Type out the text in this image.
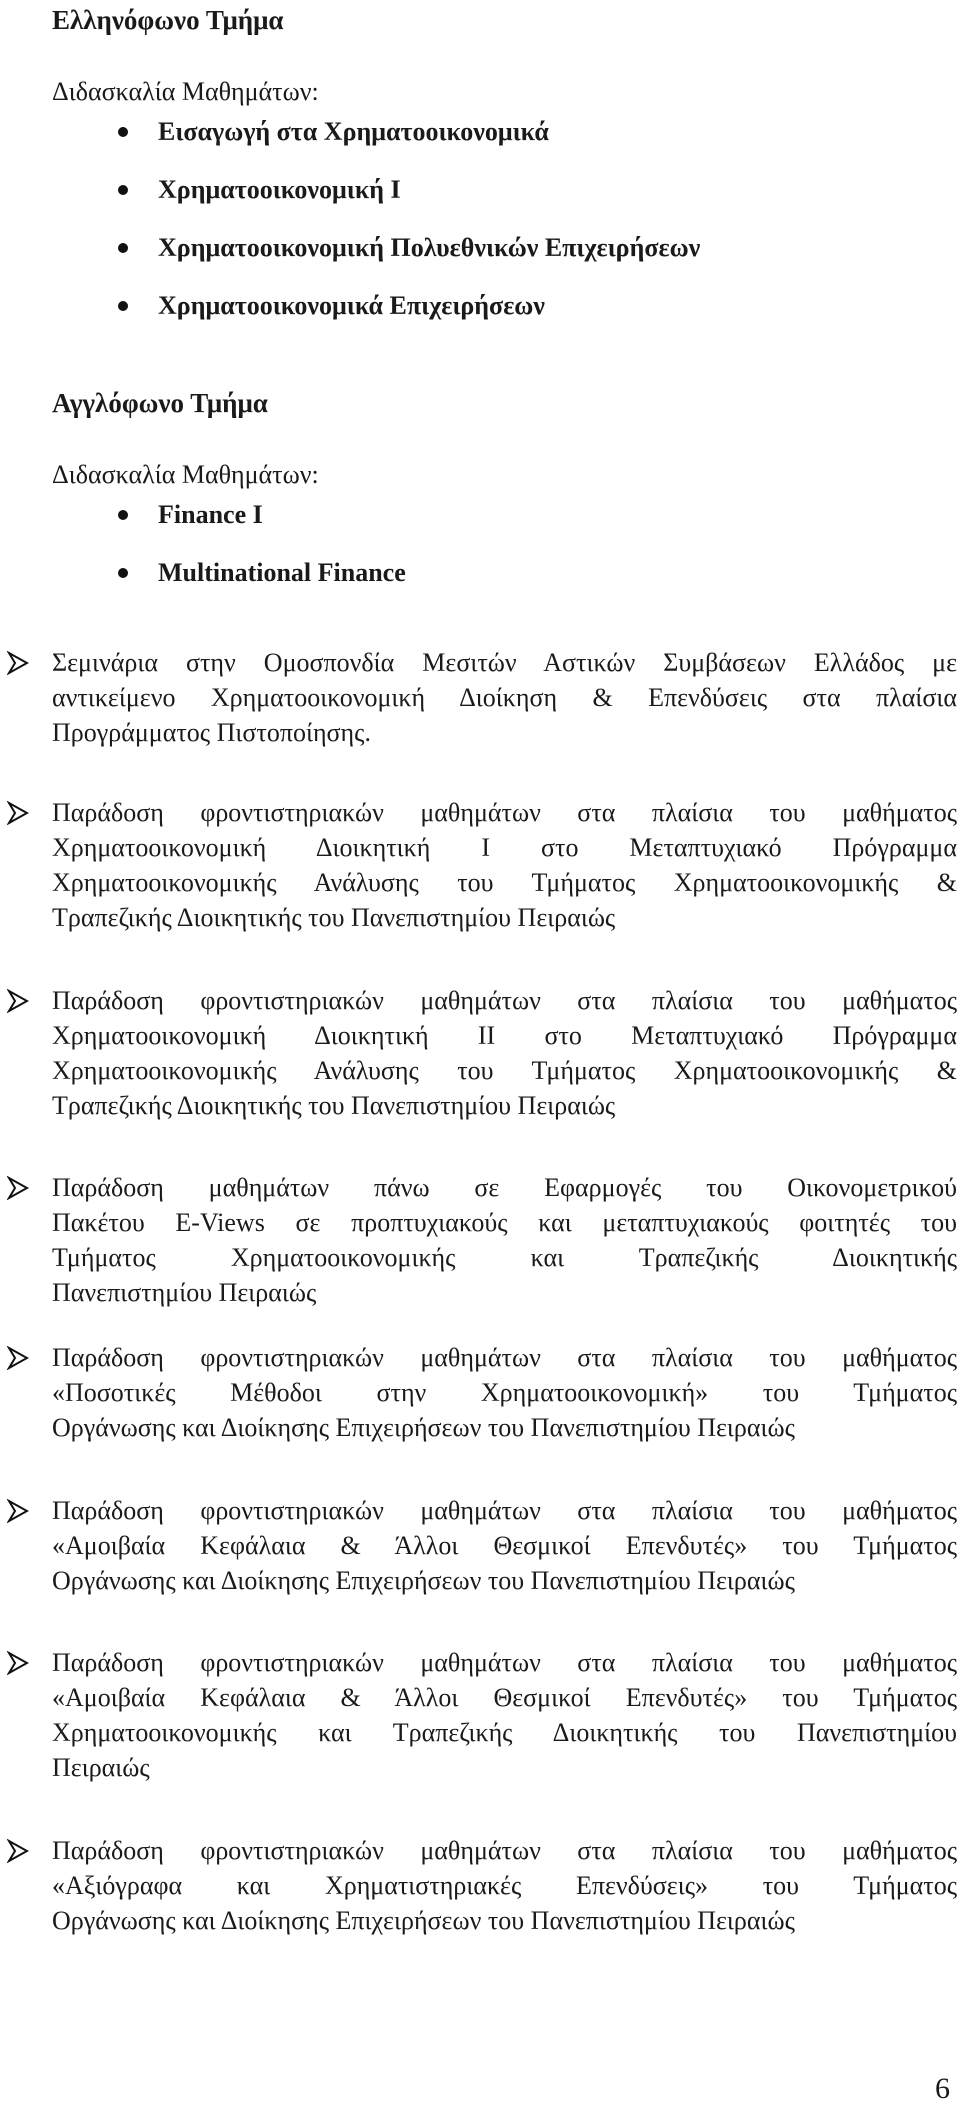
Ελληνόφωνο Τμήμα
Διδασκαλία Μαθημάτων:
Εισαγωγή στα Χρηματοοικονομικά
Χρηματοοικονομική Ι
Χρηματοοικονομική Πολυεθνικών Επιχειρήσεων
Χρηματοοικονομικά Επιχειρήσεων
Αγγλόφωνο Τμήμα
Διδασκαλία Μαθημάτων:
Finance I
Multinational Finance
Σεμινάρια στην Ομοσπονδία Μεσιτών Αστικών Συμβάσεων Ελλάδος με
αντικείμενο Χρηματοοικονομική Διοίκηση & Επενδύσεις στα πλαίσια
Προγράμματος Πιστοποίησης.
Παράδοση φροντιστηριακών μαθημάτων στα πλαίσια του μαθήματος
Χρηματοοικονομική Διοικητική Ι στο Μεταπτυχιακό Πρόγραμμα
Χρηματοοικονομικής Ανάλυσης του Τμήματος Χρηματοοικονομικής &
Τραπεζικής Διοικητικής του Πανεπιστημίου Πειραιώς
Παράδοση φροντιστηριακών μαθημάτων στα πλαίσια του μαθήματος
Χρηματοοικονομική Διοικητική ΙΙ στο Μεταπτυχιακό Πρόγραμμα
Χρηματοοικονομικής Ανάλυσης του Τμήματος Χρηματοοικονομικής &
Τραπεζικής Διοικητικής του Πανεπιστημίου Πειραιώς
Παράδοση μαθημάτων πάνω σε Εφαρμογές του Οικονομετρικού
Πακέτου E-Views σε προπτυχιακούς και μεταπτυχιακούς φοιτητές του
Τμήματος Χρηματοοικονομικής και Τραπεζικής Διοικητικής
Πανεπιστημίου Πειραιώς
Παράδοση φροντιστηριακών μαθημάτων στα πλαίσια του μαθήματος
«Ποσοτικές Μέθοδοι στην Χρηματοοικονομική» του Τμήματος
Οργάνωσης και Διοίκησης Επιχειρήσεων του Πανεπιστημίου Πειραιώς
Παράδοση φροντιστηριακών μαθημάτων στα πλαίσια του μαθήματος
«Αμοιβαία Κεφάλαια & Άλλοι Θεσμικοί Επενδυτές» του Τμήματος
Οργάνωσης και Διοίκησης Επιχειρήσεων του Πανεπιστημίου Πειραιώς
Παράδοση φροντιστηριακών μαθημάτων στα πλαίσια του μαθήματος
«Αμοιβαία Κεφάλαια & Άλλοι Θεσμικοί Επενδυτές» του Τμήματος
Χρηματοοικονομικής και Τραπεζικής Διοικητικής του Πανεπιστημίου
Πειραιώς
Παράδοση φροντιστηριακών μαθημάτων στα πλαίσια του μαθήματος
«Αξιόγραφα και Χρηματιστηριακές Επενδύσεις» του Τμήματος
Οργάνωσης και Διοίκησης Επιχειρήσεων του Πανεπιστημίου Πειραιώς
6
